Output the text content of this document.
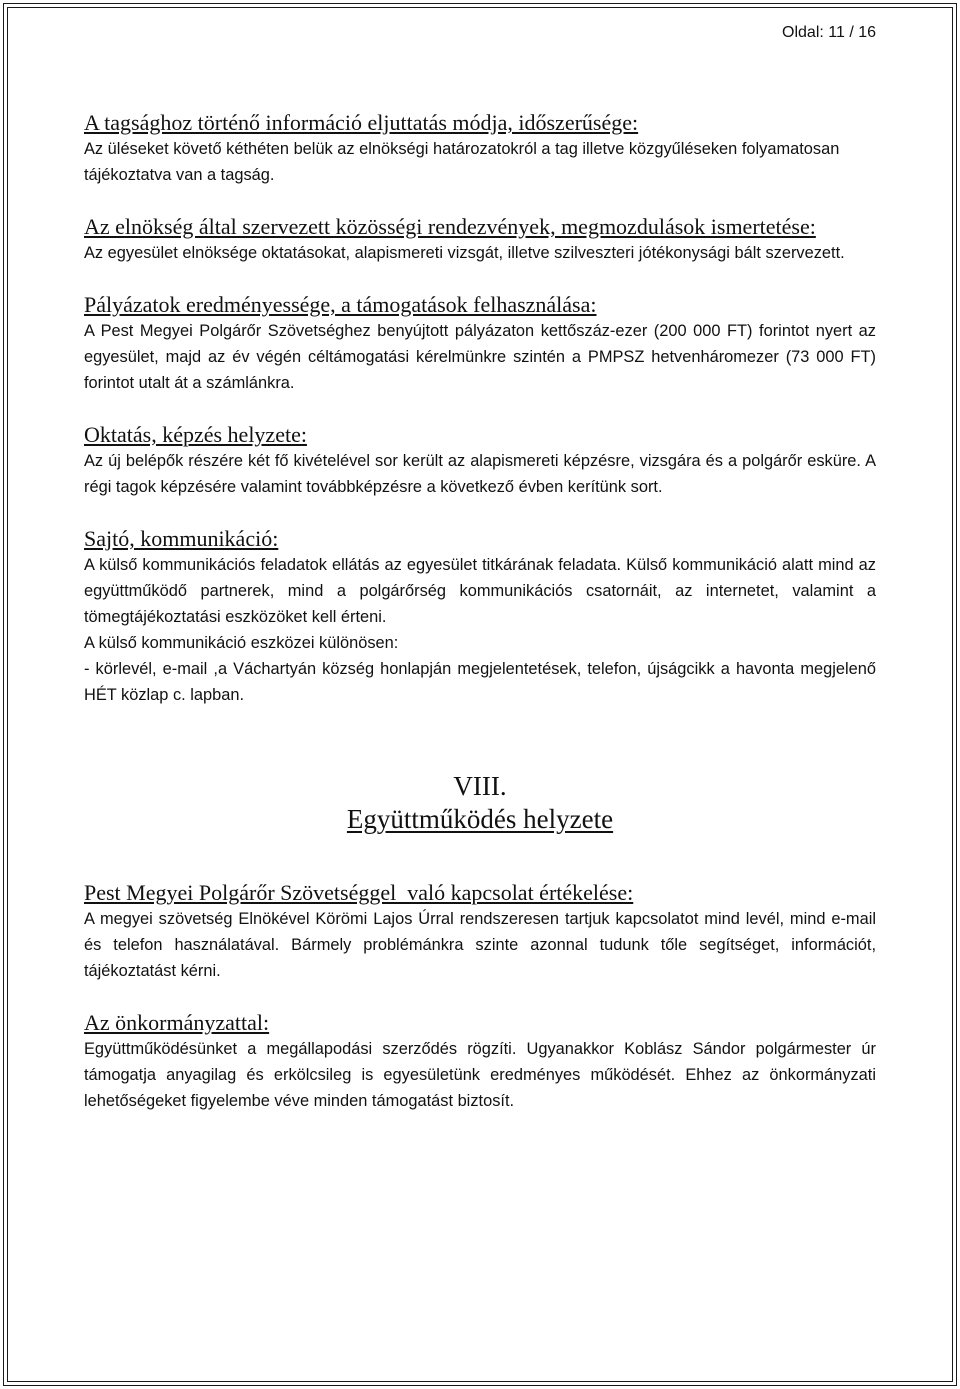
Oldal: 11 / 16
A tagsághoz történő információ eljuttatás módja, időszerűsége:

Az üléseket követő kéthéten belük az elnökségi határozatokról a tag illetve közgyűléseken folyamatosan tájékoztatva van a tagság.

Az elnökség által szervezett közösségi rendezvények, megmozdulások ismertetése:

Az egyesület elnöksége oktatásokat, alapismereti vizsgát, illetve szilveszteri jótékonysági bált szervezett.

Pályázatok eredményessége, a támogatások felhasználása:

A Pest Megyei Polgárőr Szövetséghez benyújtott pályázaton kettőszáz-ezer (200 000 FT) forintot nyert az egyesület, majd az év végén céltámogatási kérelmünkre szintén a PMPSZ hetvenháromezer (73 000 FT) forintot utalt át a számlánkra.

Oktatás, képzés helyzete:

Az új belépők részére két fő kivételével sor került az alapismereti képzésre, vizsgára és a polgárőr esküre. A régi tagok képzésére valamint továbbképzésre a következő évben kerítünk sort.

Sajtó, kommunikáció:

A külső kommunikációs feladatok ellátás az egyesület titkárának feladata. Külső kommunikáció alatt mind az együttműködő partnerek, mind a polgárőrség kommunikációs csatornáit, az internetet, valamint a tömegtájékoztatási eszközöket kell érteni.

A külső kommunikáció eszközei különösen:

- körlevél, e-mail ,a Váchartyán község honlapján megjelentetések, telefon, újságcikk a havonta megjelenő HÉT közlap c. lapban.

VIII.
Együttműködés helyzete
Pest Megyei Polgárőr Szövetséggel  való kapcsolat értékelése:

A megyei szövetség Elnökével Körömi Lajos Úrral rendszeresen tartjuk kapcsolatot mind levél, mind e-mail és telefon használatával. Bármely problémánkra szinte azonnal tudunk tőle segítséget, információt, tájékoztatást kérni.

Az önkormányzattal:

Együttműködésünket a megállapodási szerződés rögzíti. Ugyanakkor Koblász Sándor polgármester úr támogatja anyagilag és erkölcsileg is egyesületünk eredményes működését. Ehhez az önkormányzati lehetőségeket figyelembe véve minden támogatást biztosít.
